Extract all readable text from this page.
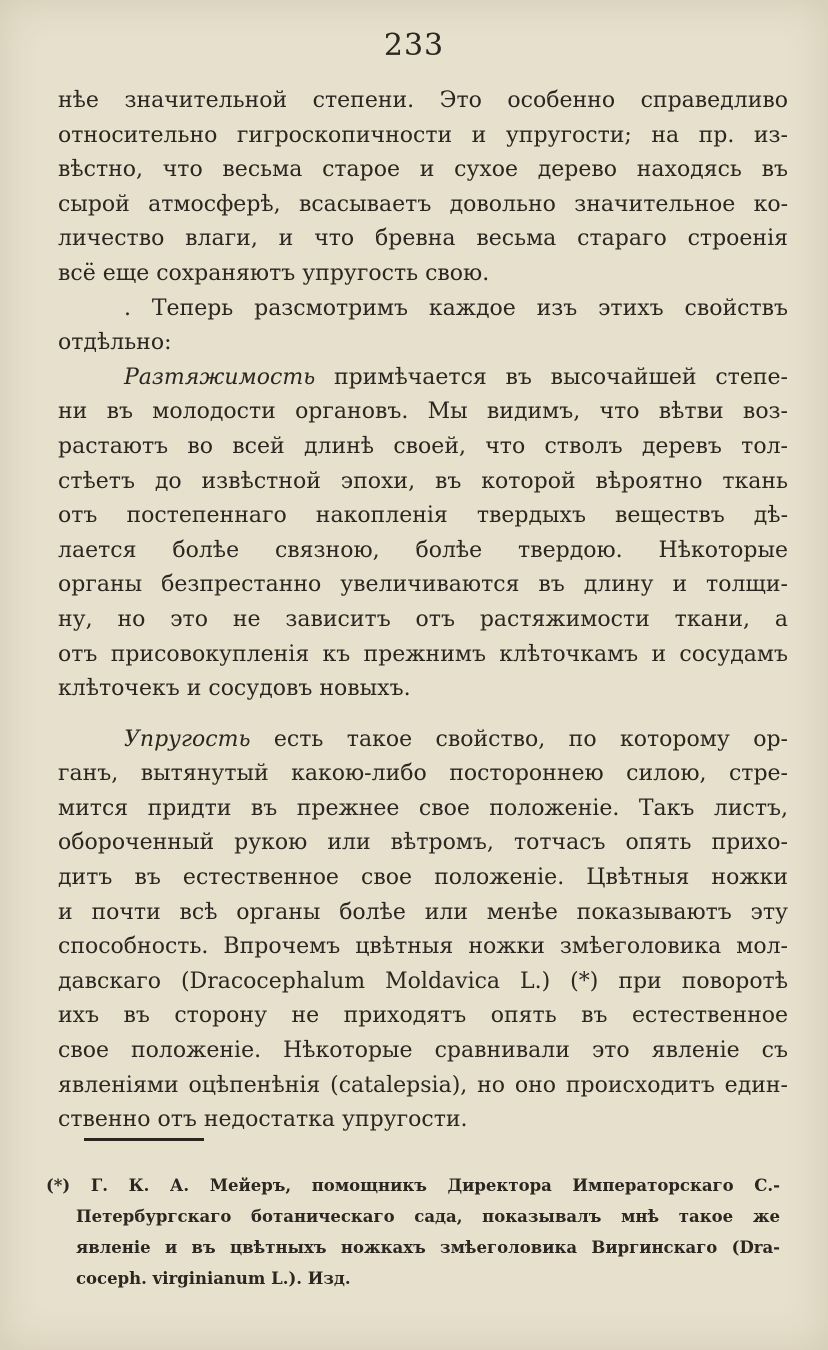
233
нѣе значительной степени. Это особенно справедливо
относительно гигроскопичности и упругости; на пр. из-
вѣстно, что весьма старое и сухое дерево находясь въ
сырой атмосферѣ, всасываетъ довольно значительное ко-
личество влаги, и что бревна весьма стараго строенія
всё еще сохраняютъ упругость свою.
. Теперь разсмотримъ каждое изъ этихъ свойствъ
отдѣльно:
Разтяжимость примѣчается въ высочайшей степе-
ни въ молодости органовъ. Мы видимъ, что вѣтви воз-
растаютъ во всей длинѣ своей, что стволъ деревъ тол-
стѣетъ до извѣстной эпохи, въ которой вѣроятно ткань
отъ постепеннаго накопленія твердыхъ веществъ дѣ-
лается болѣе связною, болѣе твердою. Нѣкоторые
органы безпрестанно увеличиваются въ длину и толщи-
ну, но это не зависитъ отъ растяжимости ткани, а
отъ присовокупленія къ прежнимъ клѣточкамъ и сосудамъ
клѣточекъ и сосудовъ новыхъ.
Упругость есть такое свойство, по которому ор-
ганъ, вытянутый какою-либо постороннею силою, стре-
мится придти въ прежнее свое положеніе. Такъ листъ,
обороченный рукою или вѣтромъ, тотчасъ опять прихо-
дитъ въ естественное свое положеніе. Цвѣтныя ножки
и почти всѣ органы болѣе или менѣе показываютъ эту
способность. Впрочемъ цвѣтныя ножки змѣеголовика мол-
давскаго (Dracocephalum Moldavica L.) (*) при поворотѣ
ихъ въ сторону не приходятъ опять въ естественное
свое положеніе. Нѣкоторые сравнивали это явленіе съ
явленіями оцѣпенѣнія (catalepsia), но оно происходитъ един-
ственно отъ недостатка упругости.
(*) Г. К. А. Мейеръ, помощникъ Директора Императорскаго С.-
Петербургскаго ботаническаго сада, показывалъ мнѣ такое же
явленіе и въ цвѣтныхъ ножкахъ змѣеголовика Виргинскаго (Dra-
coceph. virginianum L.). Изд.
